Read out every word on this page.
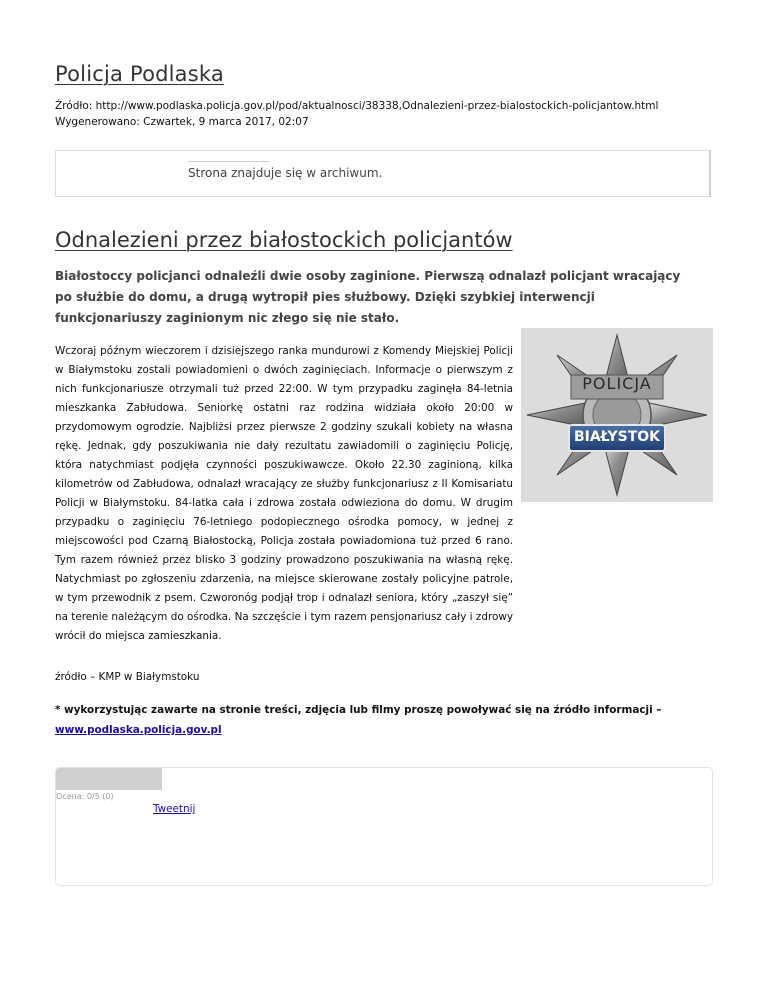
Policja Podlaska
Źródło: http://www.podlaska.policja.gov.pl/pod/aktualnosci/38338,Odnalezieni-przez-bialostockich-policjantow.html
Wygenerowano: Czwartek, 9 marca 2017, 02:07
Strona znajduje się w archiwum.
Odnalezieni przez białostockich policjantów

Białostoccy policjanci odnaleźli dwie osoby zaginione. Pierwszą odnalazł policjant wracający po służbie do domu, a drugą wytropił pies służbowy. Dzięki szybkiej interwencji funkcjonariuszy zaginionym nic złego się nie stało.

Wczoraj późnym wieczorem i dzisiejszego ranka mundurowi z Komendy Miejskiej Policji w Białymstoku zostali powiadomieni o dwóch zaginięciach. Informacje o pierwszym z nich funkcjonariusze otrzymali tuż przed 22:00. W tym przypadku zaginęła 84-letnia mieszkanka Zabłudowa. Seniorkę ostatni raz rodzina widziała około 20:00 w przydomowym ogrodzie. Najbliżsi przez pierwsze 2 godziny szukali kobiety na własna rękę. Jednak, gdy poszukiwania nie dały rezultatu zawiadomili o zaginięciu Policję, która natychmiast podjęła czynności poszukiwawcze. Około 22.30 zaginioną, kilka kilometrów od Zabłudowa, odnalazł wracający ze służby funkcjonariusz z II Komisariatu Policji w Białymstoku. 84-latka cała i zdrowa została odwieziona do domu. W drugim przypadku o zaginięciu 76-letniego podopiecznego ośrodka pomocy, w jednej z miejscowości pod Czarną Białostocką, Policja została powiadomiona tuż przed 6 rano. Tym razem również przez blisko 3 godziny prowadzono poszukiwania na własną rękę. Natychmiast po zgłoszeniu zdarzenia, na miejsce skierowane zostały policyjne patrole, w tym przewodnik z psem. Czworonóg podjął trop i odnalazł seniora, który „zaszył się” na terenie należącym do ośrodka. Na szczęście i tym razem pensjonariusz cały i zdrowy wrócił do miejsca zamieszkania.

POLICJA
BIAŁYSTOK
źródło – KMP w Białymstoku

* wykorzystując zawarte na stronie treści, zdjęcia lub filmy proszę powoływać się na źródło informacji –
www.podlaska.policja.gov.pl

Ocena: 0/5 (0)
Tweetnij
